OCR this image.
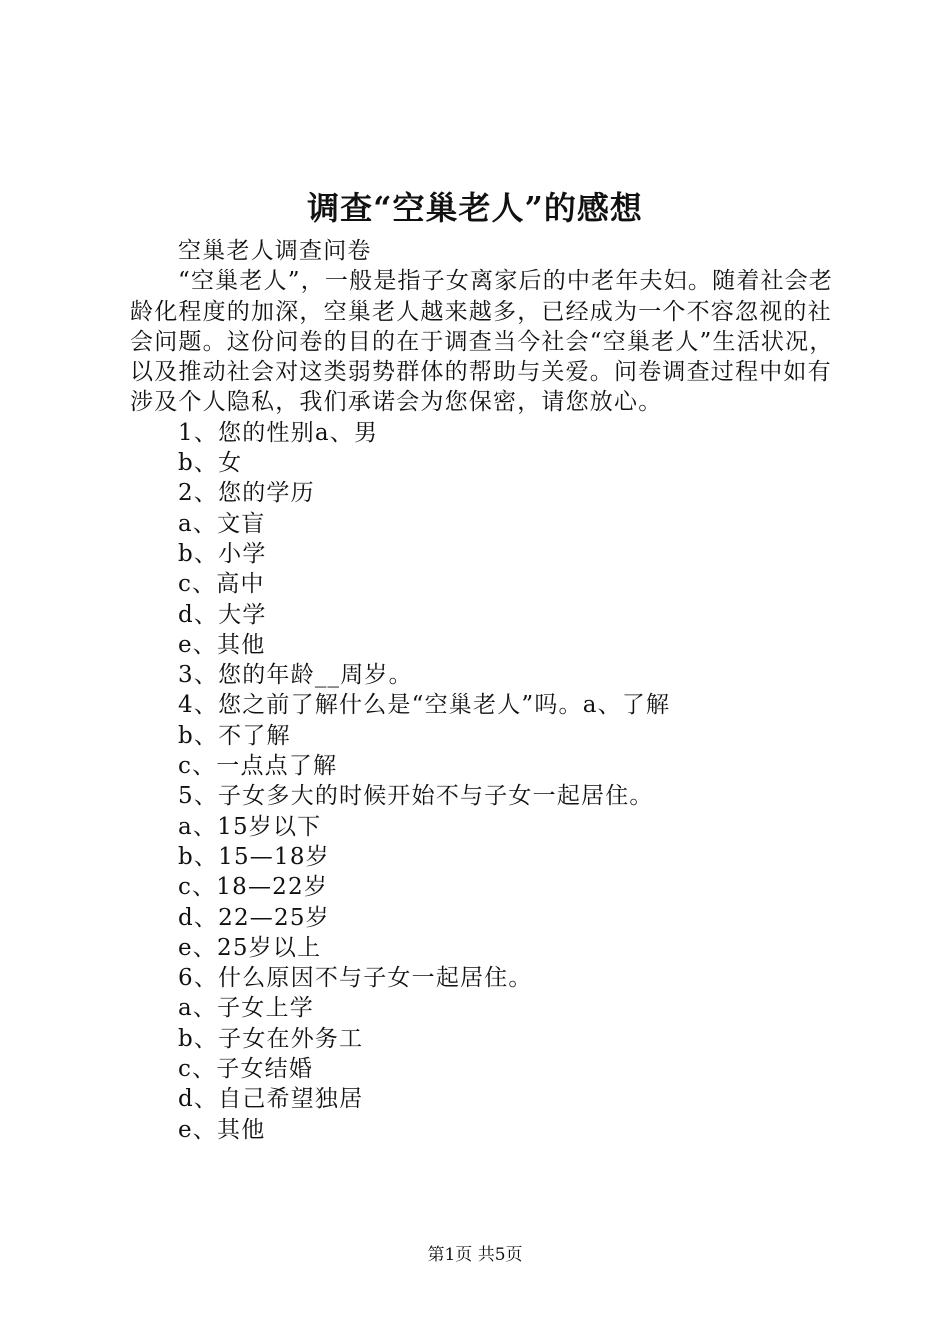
调查“空巢老人”的感想

空巢老人调查问卷

“空巢老人”，一般是指子女离家后的中老年夫妇。随着社会老龄化程度的加深，空巢老人越来越多，已经成为一个不容忽视的社会问题。这份问卷的目的在于调查当今社会“空巢老人”生活状况，以及推动社会对这类弱势群体的帮助与关爱。问卷调查过程中如有涉及个人隐私，我们承诺会为您保密，请您放心。

1、您的性别a、男

b、女

2、您的学历

a、文盲

b、小学

c、高中

d、大学

e、其他

3、您的年龄__周岁。

4、您之前了解什么是“空巢老人”吗。a、了解

b、不了解

c、一点点了解

5、子女多大的时候开始不与子女一起居住。

a、15岁以下

b、15—18岁

c、18—22岁

d、22—25岁

e、25岁以上

6、什么原因不与子女一起居住。

a、子女上学

b、子女在外务工

c、子女结婚

d、自己希望独居

e、其他

第1页 共5页
